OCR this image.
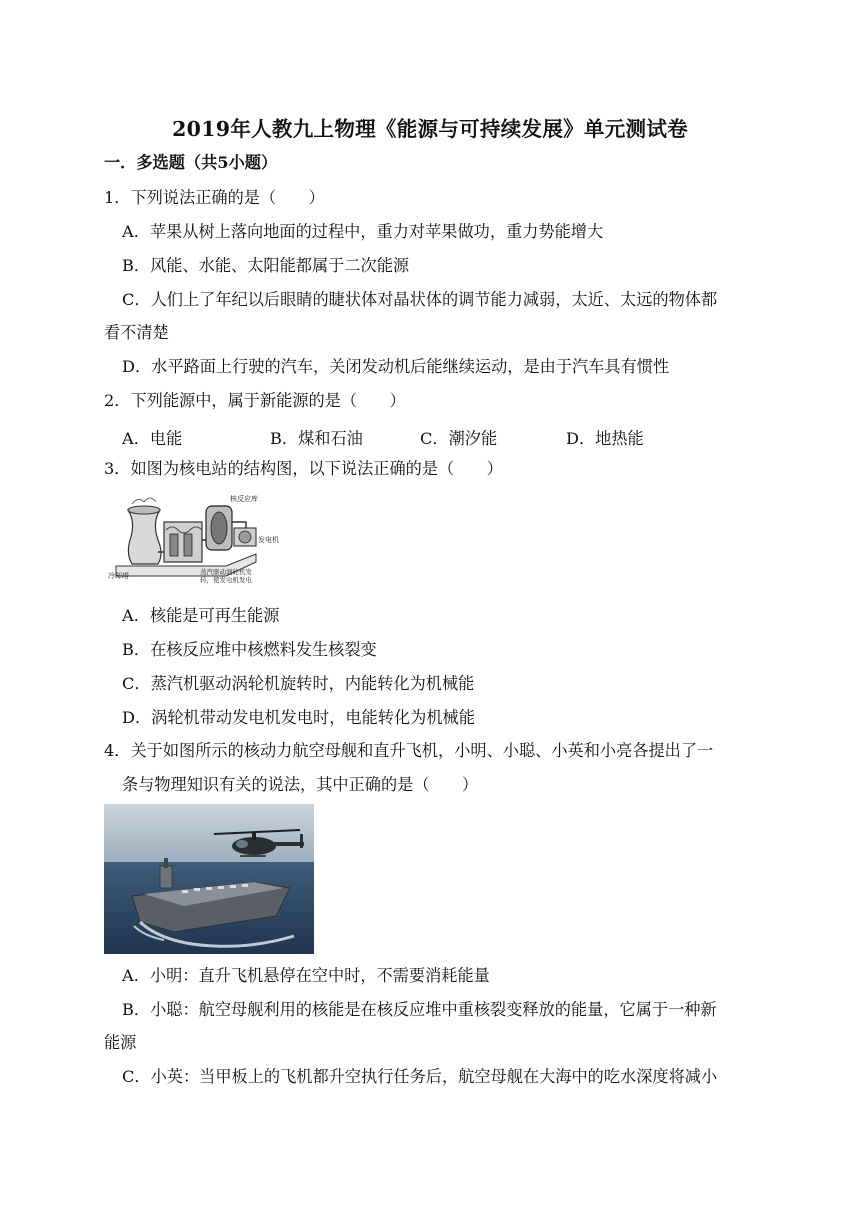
2019年人教九上物理《能源与可持续发展》单元测试卷
一．多选题（共5小题）
1．下列说法正确的是（　　）
A．苹果从树上落向地面的过程中，重力对苹果做功，重力势能增大
B．风能、水能、太阳能都属于二次能源
C．人们上了年纪以后眼睛的睫状体对晶状体的调节能力减弱，太近、太远的物体都
看不清楚
D．水平路面上行驶的汽车，关闭发动机后能继续运动，是由于汽车具有惯性
2．下列能源中，属于新能源的是（　　）
A．电能	B．煤和石油	C．潮汐能	D．地热能
3．如图为核电站的结构图，以下说法正确的是（　　）
核反应库
发电机
冷却塔	蒸汽驱动涡轮机发
转，使发电机发电
A．核能是可再生能源
B．在核反应堆中核燃料发生核裂变
C．蒸汽机驱动涡轮机旋转时，内能转化为机械能
D．涡轮机带动发电机发电时，电能转化为机械能
4．关于如图所示的核动力航空母舰和直升飞机，小明、小聪、小英和小亮各提出了一
条与物理知识有关的说法，其中正确的是（　　）
A．小明：直升飞机悬停在空中时，不需要消耗能量
B．小聪：航空母舰利用的核能是在核反应堆中重核裂变释放的能量，它属于一种新
能源
C．小英：当甲板上的飞机都升空执行任务后，航空母舰在大海中的吃水深度将减小
